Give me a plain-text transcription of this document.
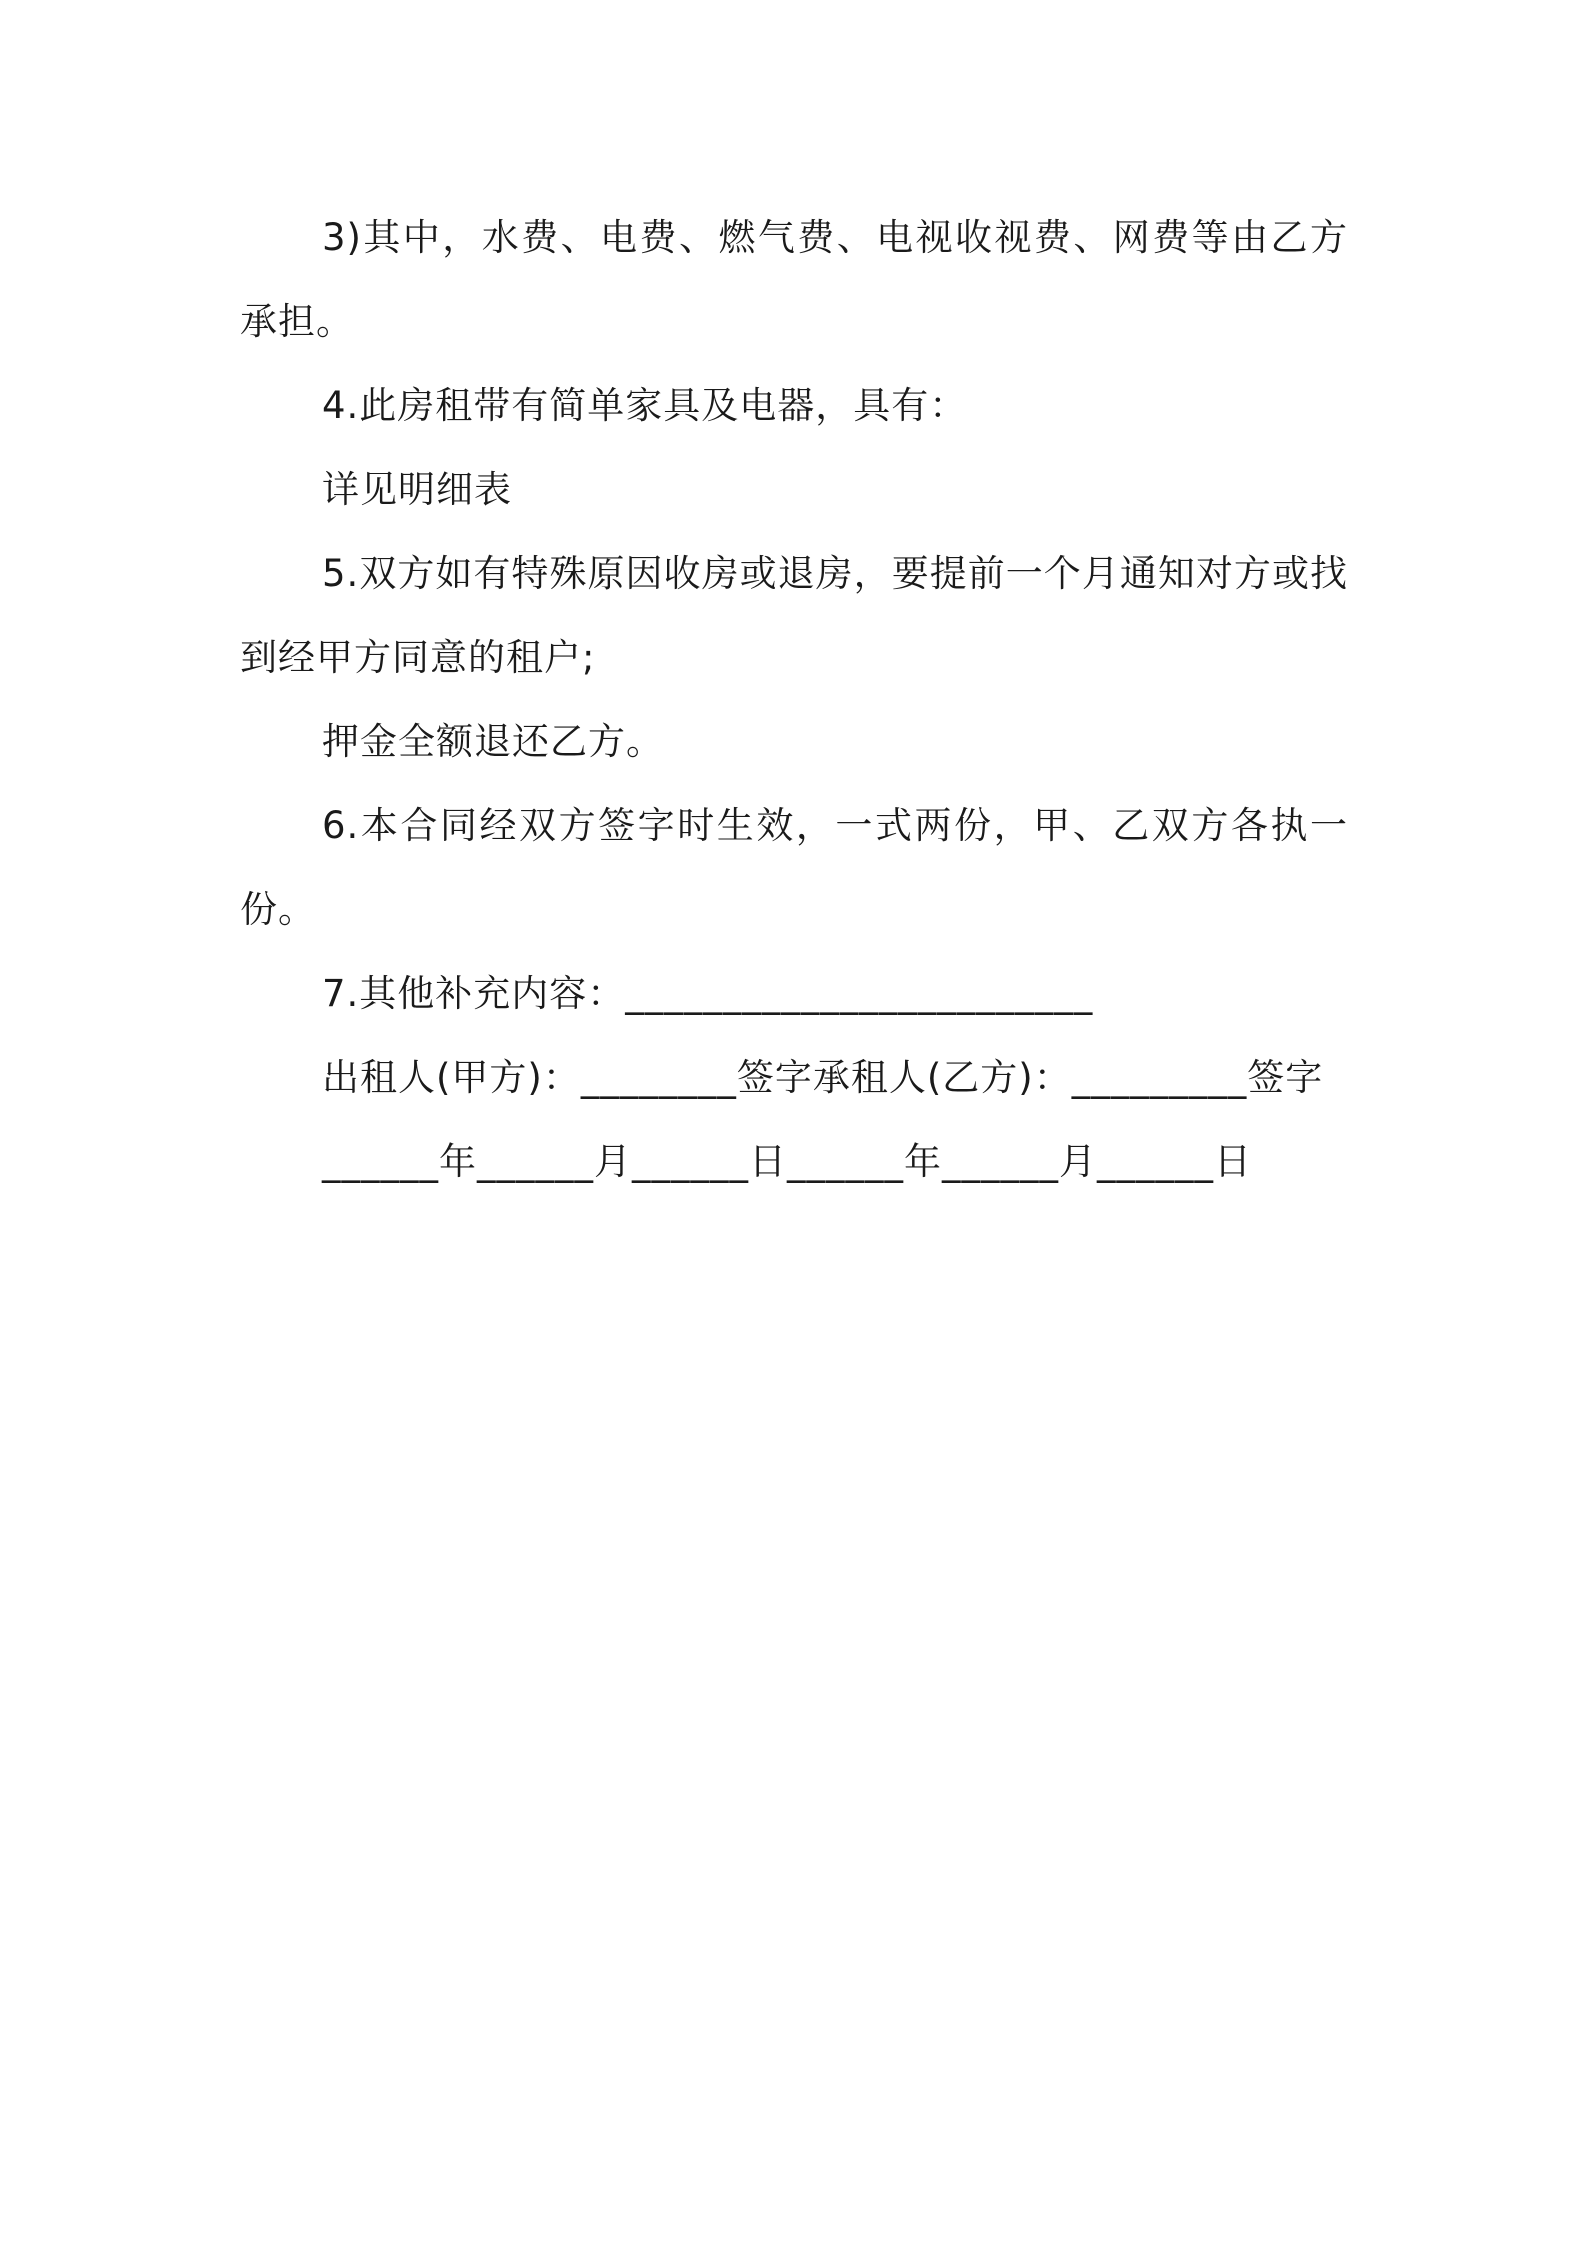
3)其中，水费、电费、燃气费、电视收视费、网费等由乙方承担。

4.此房租带有简单家具及电器，具有：

详见明细表

5.双方如有特殊原因收房或退房，要提前一个月通知对方或找到经甲方同意的租户;

押金全额退还乙方。

6.本合同经双方签字时生效，一式两份，甲、乙双方各执一份。

7.其他补充内容：________________________

出租人(甲方)：________签字承租人(乙方)：_________签字

______年______月______日______年______月______日
